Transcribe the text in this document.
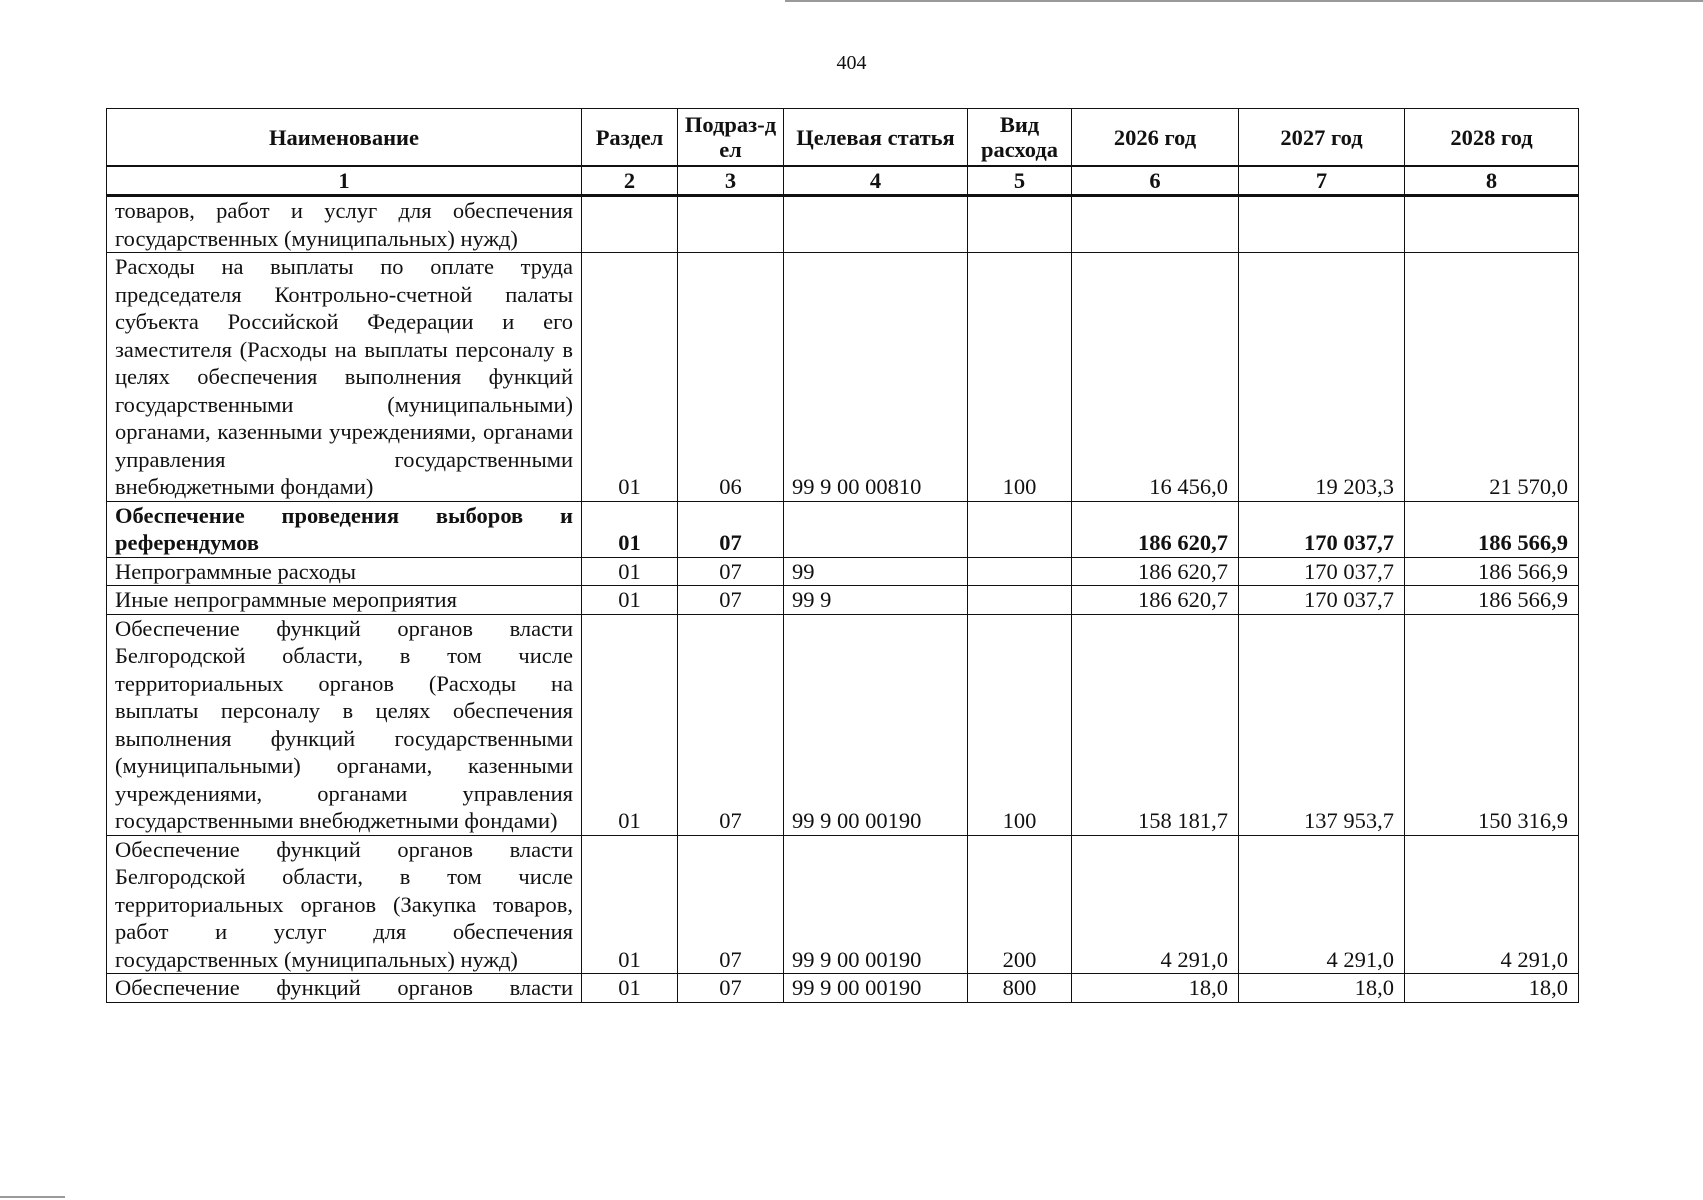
404
Наименование	Раздел	Подраз-дел	Целевая статья	Вид расхода	2026 год	2027 год	2028 год
1	2	3	4	5	6	7	8
товаров, работ и услуг для обеспечения государственных (муниципальных) нужд)							
Расходы на выплаты по оплате труда председателя Контрольно-счетной палаты субъекта Российской Федерации и его заместителя (Расходы на выплаты персоналу в целях обеспечения выполнения функций государственными (муниципальными) органами, казенными учреждениями, органами управления государственными внебюджетными фондами)	01	06	99 9 00 00810	100	16 456,0	19 203,3	21 570,0
Обеспечение проведения выборов и референдумов	01	07			186 620,7	170 037,7	186 566,9
Непрограммные расходы	01	07	99		186 620,7	170 037,7	186 566,9
Иные непрограммные мероприятия	01	07	99 9		186 620,7	170 037,7	186 566,9
Обеспечение функций органов власти Белгородской области, в том числе территориальных органов (Расходы на выплаты персоналу в целях обеспечения выполнения функций государственными (муниципальными) органами, казенными учреждениями, органами управления государственными внебюджетными фондами)	01	07	99 9 00 00190	100	158 181,7	137 953,7	150 316,9
Обеспечение функций органов власти Белгородской области, в том числе территориальных органов (Закупка товаров, работ и услуг для обеспечения государственных (муниципальных) нужд)	01	07	99 9 00 00190	200	4 291,0	4 291,0	4 291,0
Обеспечение функций органов власти	01	07	99 9 00 00190	800	18,0	18,0	18,0
